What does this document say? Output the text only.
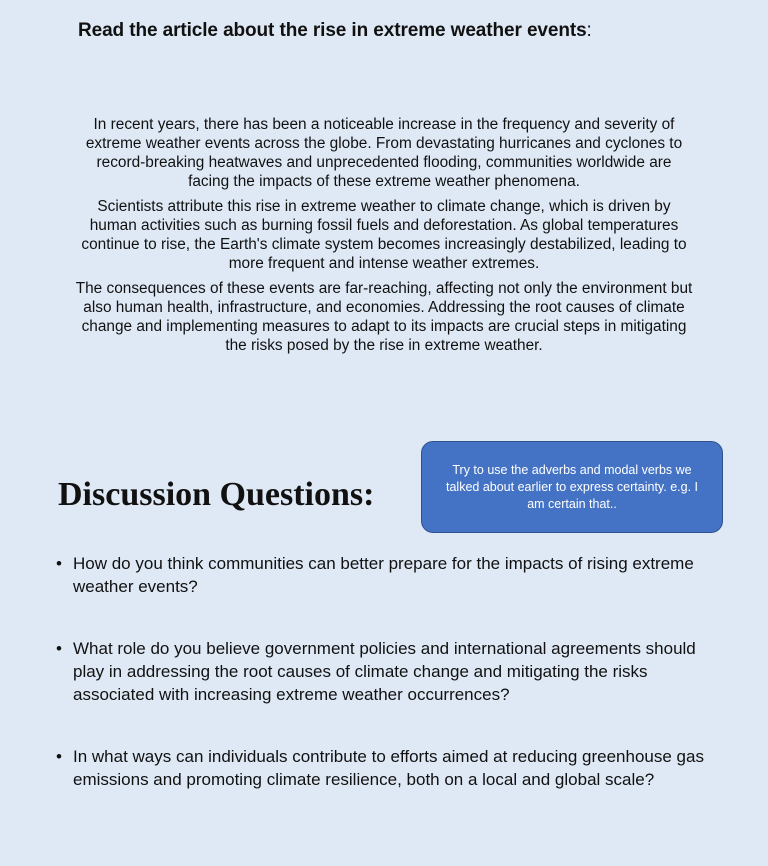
Read the article about the rise in extreme weather events:

In recent years, there has been a noticeable increase in the frequency and severity of extreme weather events across the globe. From devastating hurricanes and cyclones to record-breaking heatwaves and unprecedented flooding, communities worldwide are facing the impacts of these extreme weather phenomena.

Scientists attribute this rise in extreme weather to climate change, which is driven by human activities such as burning fossil fuels and deforestation. As global temperatures continue to rise, the Earth's climate system becomes increasingly destabilized, leading to more frequent and intense weather extremes.

The consequences of these events are far-reaching, affecting not only the environment but also human health, infrastructure, and economies. Addressing the root causes of climate change and implementing measures to adapt to its impacts are crucial steps in mitigating the risks posed by the rise in extreme weather.

Discussion Questions:
Try to use the adverbs and modal verbs we talked about earlier to express certainty. e.g. I am certain that..
• How do you think communities can better prepare for the impacts of rising extreme weather events?
• What role do you believe government policies and international agreements should play in addressing the root causes of climate change and mitigating the risks associated with increasing extreme weather occurrences?
• In what ways can individuals contribute to efforts aimed at reducing greenhouse gas emissions and promoting climate resilience, both on a local and global scale?
